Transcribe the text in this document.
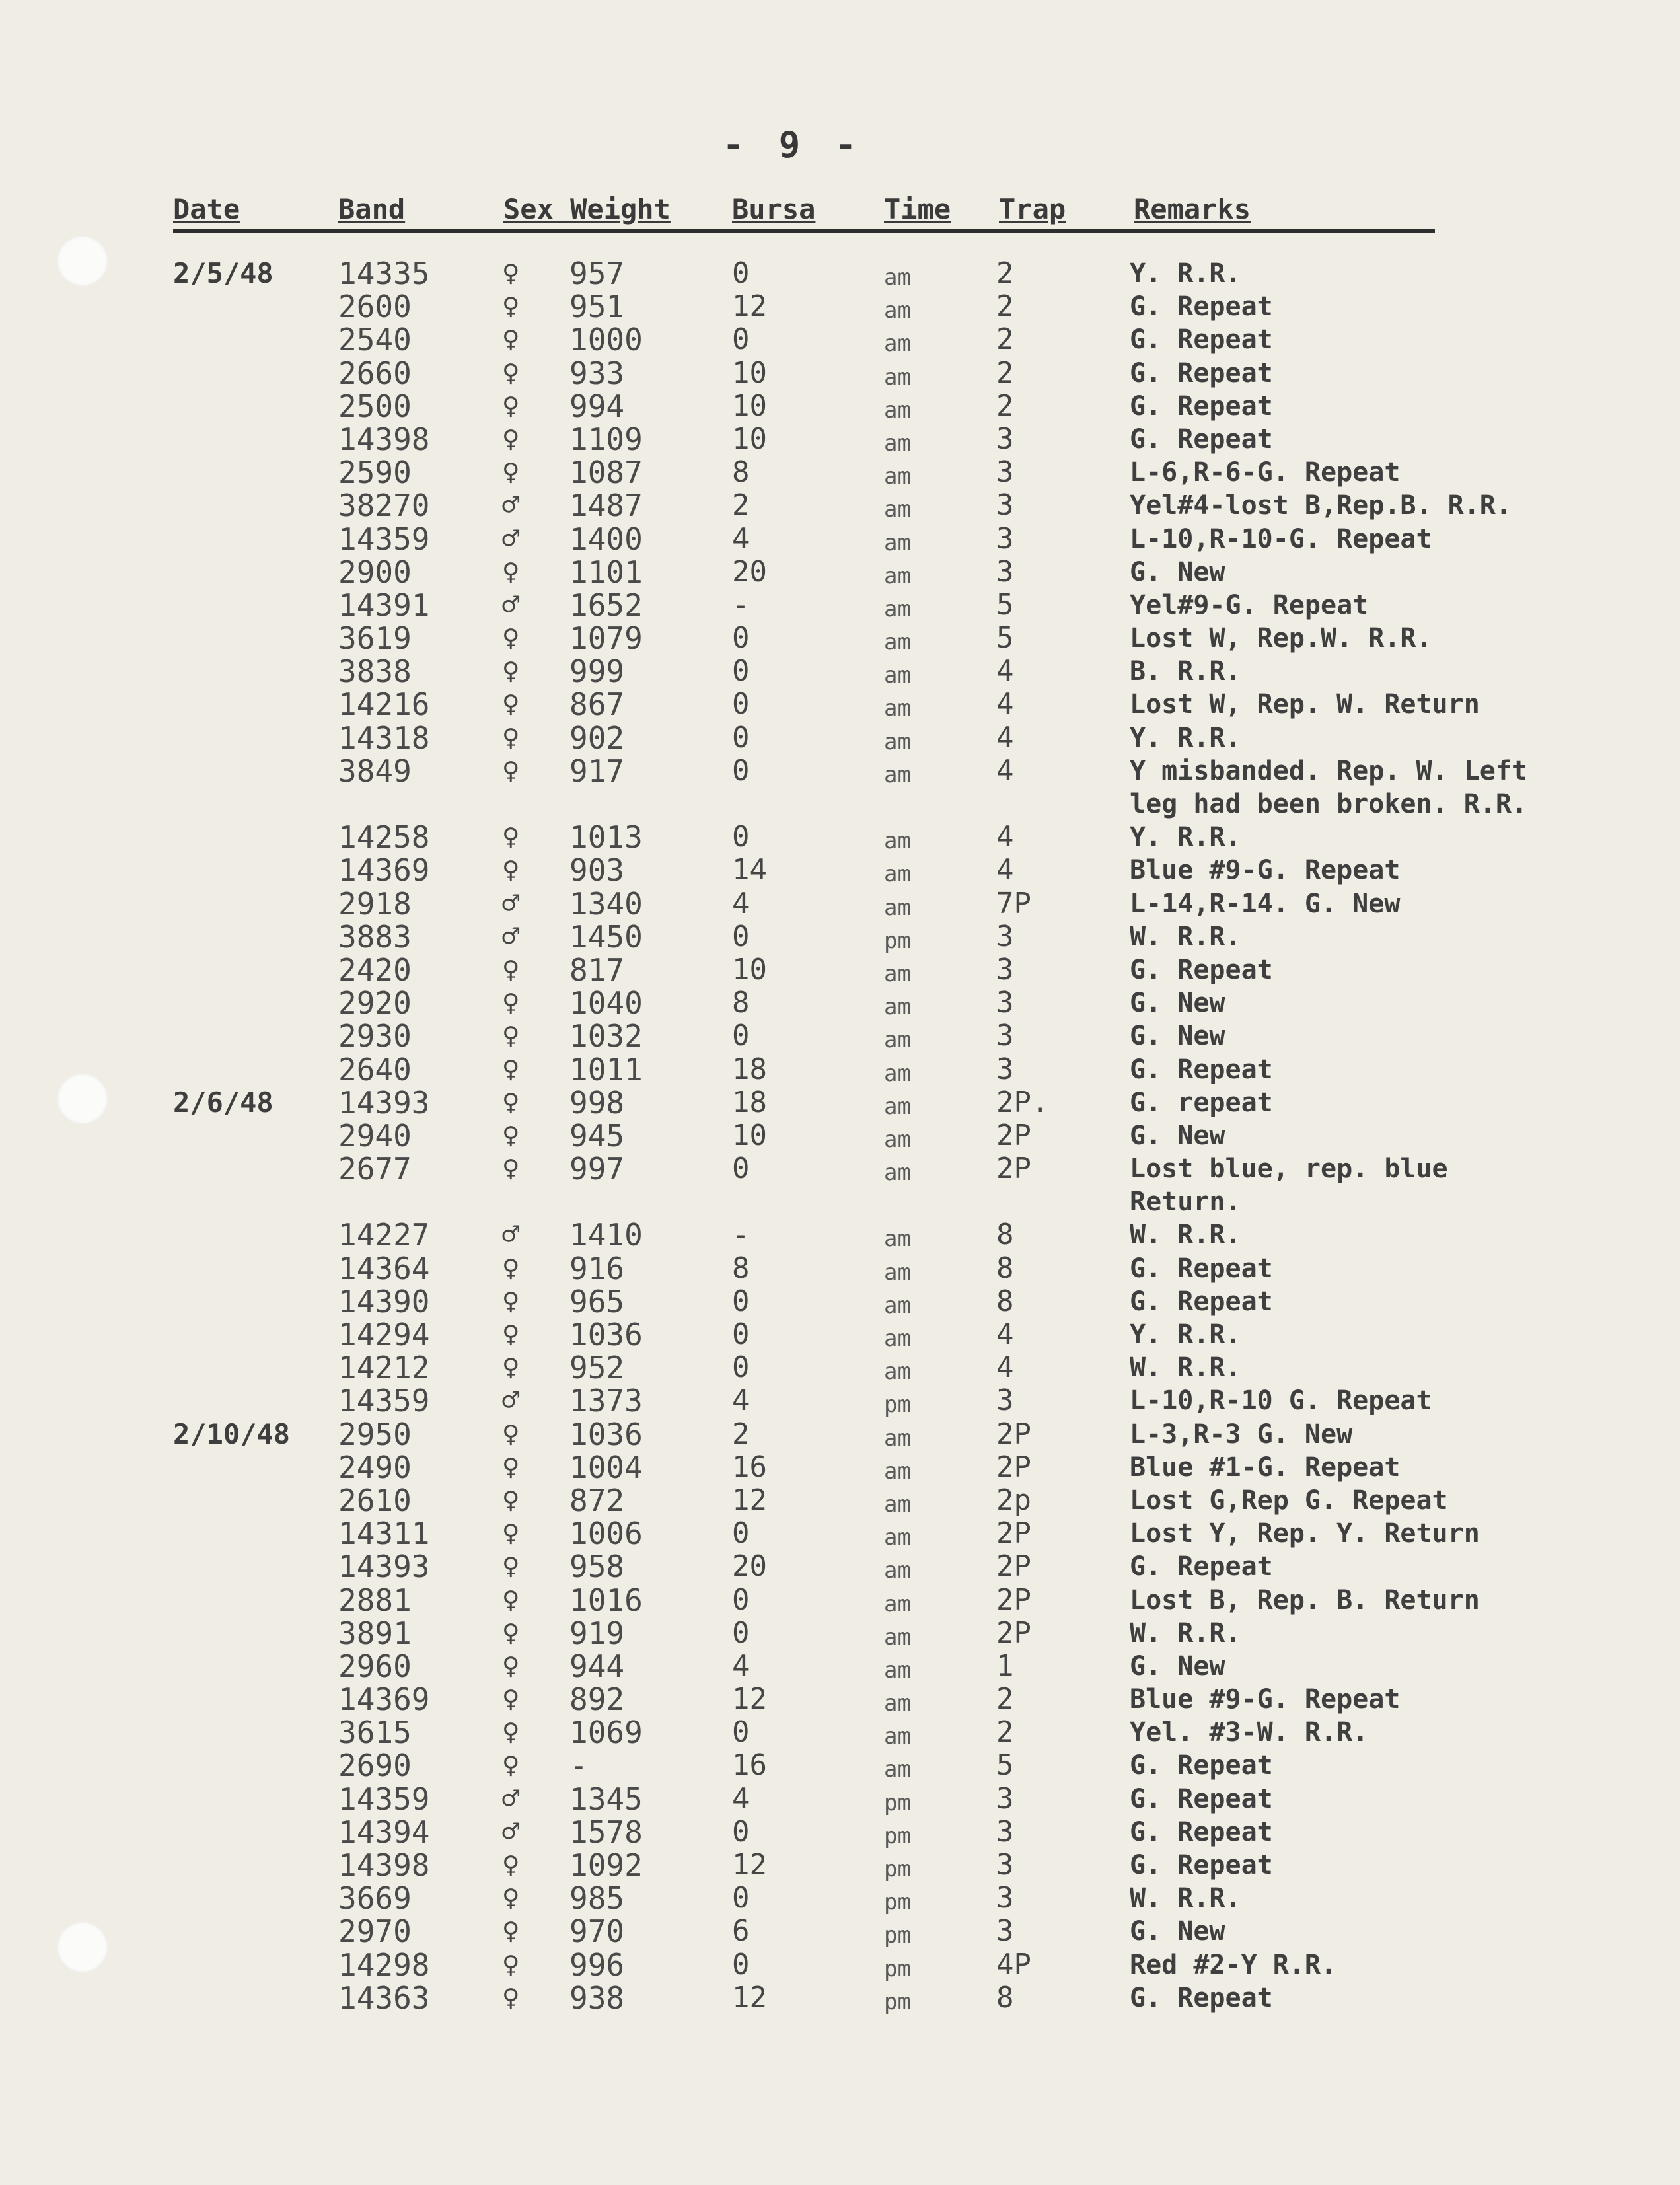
- 9 -
Date	Band	Sex Weight Bursa Time Trap Remarks
2/5/48 14335 ♀ 957	0	am	2	Y. R.R.
2600	♀ 951	12	am	2	G. Repeat
2540	♀ 1000	0	am	2	G. Repeat
2660	♀ 933	10	am	2	G. Repeat
2500	♀ 994	10	am	2	G. Repeat
14398 ♀ 1109	10	am	3	G. Repeat
2590	♀ 1087	8	am	3	L-6,R-6-G. Repeat
38270 ♂ 1487	2	am	3	Yel#4-lost B,Rep.B. R.R.
14359 ♂ 1400	4	am	3	L-10,R-10-G. Repeat
2900	♀ 1101	20	am	3	G. New
14391 ♂ 1652	-	am	5	Yel#9-G. Repeat
3619	♀ 1079	0	am	5	Lost W, Rep.W. R.R.
3838	♀ 999	0	am	4	B. R.R.
14216 ♀ 867	0	am	4	Lost W, Rep. W. Return
14318 ♀ 902	0	am	4	Y. R.R.
3849	♀ 917	0	am	4	Y misbanded. Rep. W. Left
leg had been broken. R.R.
14258 ♀ 1013	0	am	4	Y. R.R.
14369 ♀ 903	14	am	4	Blue #9-G. Repeat
2918	♂ 1340	4	am	7P	L-14,R-14. G. New
3883	♂ 1450	0	pm	3	W. R.R.
2420	♀ 817	10	am	3	G. Repeat
2920	♀ 1040	8	am	3	G. New
2930	♀ 1032	0	am	3	G. New
2640	♀ 1011	18	am	3	G. Repeat
2/6/48 14393 ♀ 998	18	am	2P.	G. repeat
2940	♀ 945	10	am	2P	G. New
2677	♀ 997	0	am	2P	Lost blue, rep. blue
Return.
14227 ♂ 1410	-	am	8	W. R.R.
14364 ♀ 916	8	am	8	G. Repeat
14390 ♀ 965	0	am	8	G. Repeat
14294 ♀ 1036	0	am	4	Y. R.R.
14212 ♀ 952	0	am	4	W. R.R.
14359 ♂ 1373	4	pm	3	L-10,R-10 G. Repeat
2/10/48 2950	♀ 1036	2	am	2P	L-3,R-3 G. New
2490	♀ 1004	16	am	2P	Blue #1-G. Repeat
2610	♀ 872	12	am	2p	Lost G,Rep G. Repeat
14311 ♀ 1006	0	am	2P	Lost Y, Rep. Y. Return
14393 ♀ 958	20	am	2P	G. Repeat
2881	♀ 1016	0	am	2P	Lost B, Rep. B. Return
3891	♀ 919	0	am	2P	W. R.R.
2960	♀ 944	4	am	1	G. New
14369 ♀ 892	12	am	2	Blue #9-G. Repeat
3615	♀ 1069	0	am	2	Yel. #3-W. R.R.
2690	♀ -	16	am	5	G. Repeat
14359 ♂ 1345	4	pm	3	G. Repeat
14394 ♂ 1578	0	pm	3	G. Repeat
14398 ♀ 1092	12	pm	3	G. Repeat
3669	♀ 985	0	pm	3	W. R.R.
2970	♀ 970	6	pm	3	G. New
14298 ♀ 996	0	pm	4P	Red #2-Y R.R.
14363 ♀ 938	12	pm	8	G. Repeat
